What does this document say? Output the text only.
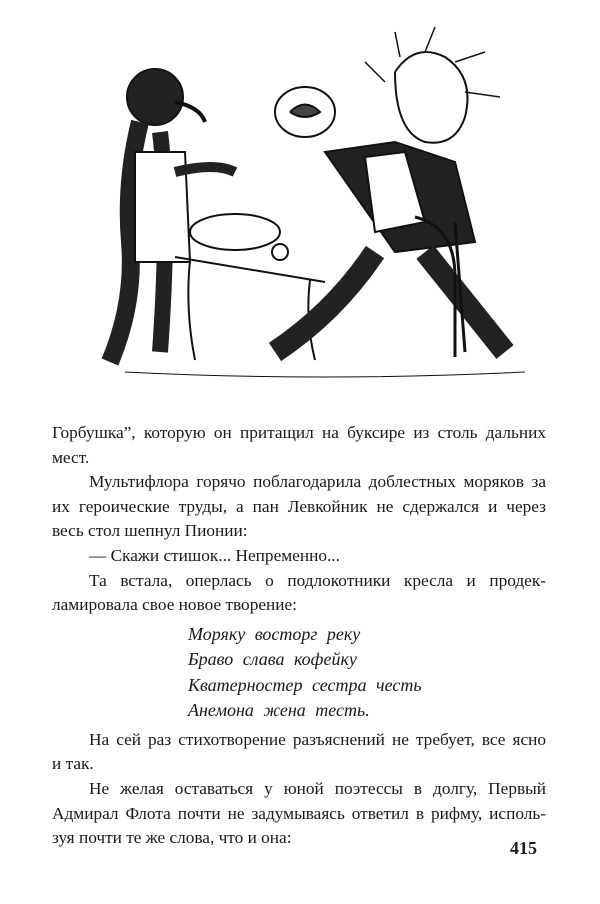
Горбушка”, которую он притащил на буксире из столь дальних
мест.
Мультифлора горячо поблагодарила доблестных моряков за
их героические труды, а пан Левкойник не сдержался и через
весь стол шепнул Пионии:
— Скажи стишок... Непременно...
Та встала, оперлась о подлокотники кресла и продек-
ламировала свое новое творение:
Моряку восторг реку
Браво слава кофейку
Кватерностер сестра честь
Анемона жена тесть.
На сей раз стихотворение разъяснений не требует, все ясно
и так.
Не желая оставаться у юной поэтессы в долгу, Первый
Адмирал Флота почти не задумываясь ответил в рифму, исполь-
зуя почти те же слова, что и она:
415
